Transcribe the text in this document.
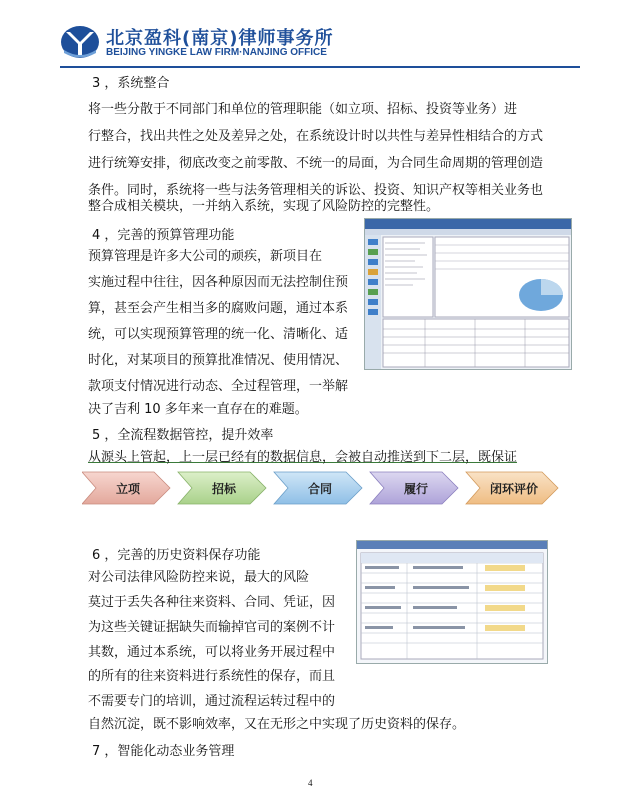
北京盈科(南京)律师事务所
BEIJING YINGKE LAW FIRM·NANJING OFFICE
3 ，系统整合
将一些分散于不同部门和单位的管理职能（如立项、招标、投资等业务）进
行整合，找出共性之处及差异之处，在系统设计时以共性与差异性相结合的方式
进行统筹安排，彻底改变之前零散、不统一的局面，为合同生命周期的管理创造
条件。同时，系统将一些与法务管理相关的诉讼、投资、知识产权等相关业务也
整合成相关模块，一并纳入系统，实现了风险防控的完整性。
4 ，完善的预算管理功能
预算管理是许多大公司的顽疾，新项目在
实施过程中往往，因各种原因而无法控制住预
算，甚至会产生相当多的腐败问题，通过本系
统，可以实现预算管理的统一化、清晰化、适
时化，对某项目的预算批准情况、使用情况、
款项支付情况进行动态、全过程管理，一举解
决了吉利 10 多年来一直存在的难题。
5 ，全流程数据管控，提升效率
从源头上管起，上一层已经有的数据信息，会被自动推送到下二层，既保证
立项	招标	合同	履行	闭环评价
6 ，完善的历史资料保存功能
对公司法律风险防控来说，最大的风险
莫过于丢失各种往来资料、合同、凭证，因
为这些关键证据缺失而输掉官司的案例不计
其数，通过本系统，可以将业务开展过程中
的所有的往来资料进行系统性的保存，而且
不需要专门的培训，通过流程运转过程中的
自然沉淀，既不影响效率，又在无形之中实现了历史资料的保存。
7 ，智能化动态业务管理
4
